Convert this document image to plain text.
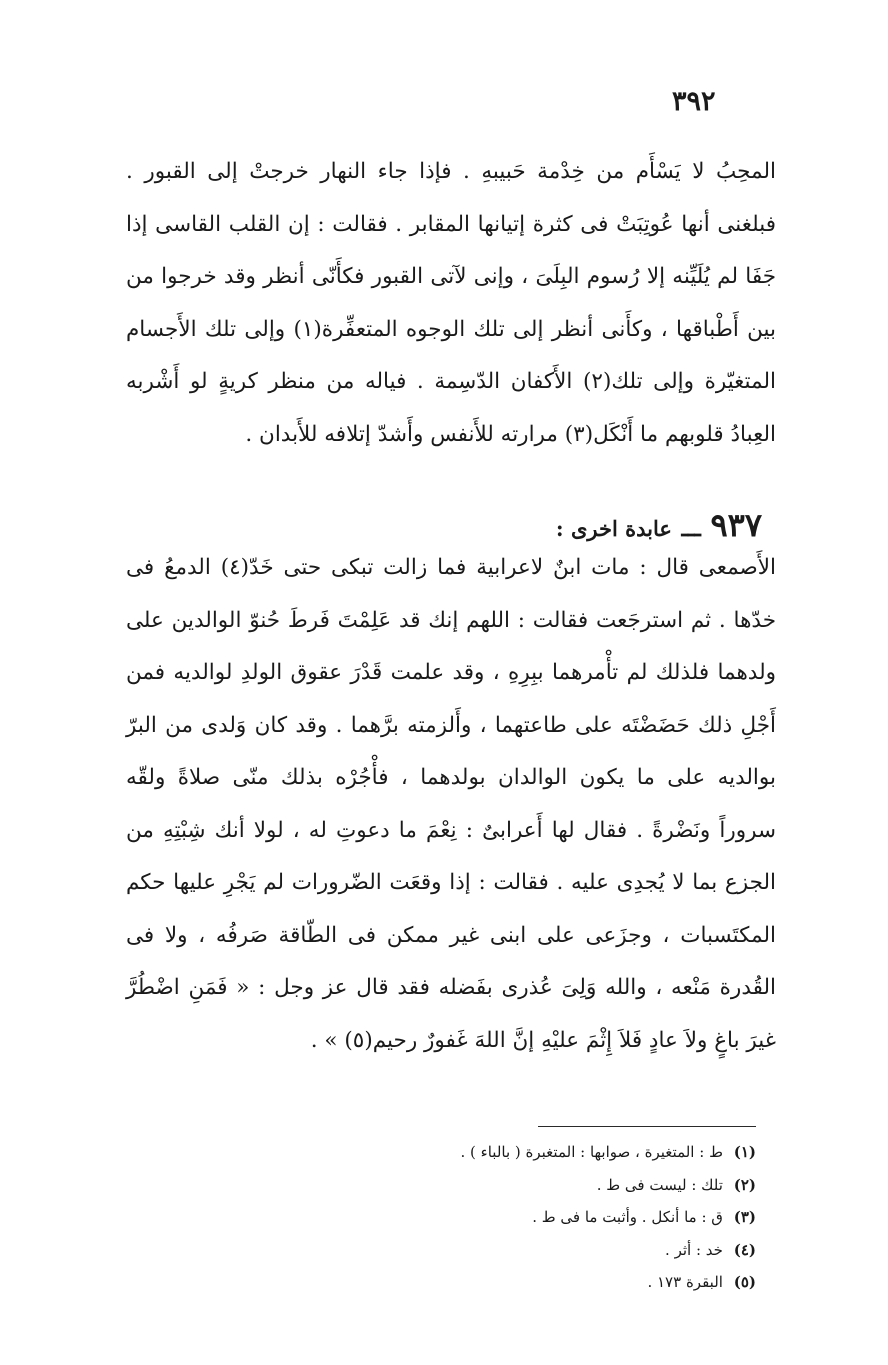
٣٩٢

المحِبُ لا يَسْأَم من خِدْمة حَبيبهِ . فإذا جاء النهار خرجتْ إلى القبور . فبلغنى أنها عُوتِبَتْ فى كثرة إتيانها المقابر . فقالت : إن القلب القاسى إذا جَفَا لم يُلَيِّنه إلا رُسوم البِلَىَ ، وإنى لآتى القبور فكأَنّى أنظر وقد خرجوا من بين أَطْباقها ، وكأَنى أنظر إلى تلك الوجوه المتعفِّرة(١) وإلى تلك الأَجسام المتغيّرة وإلى تلك(٢) الأَكفان الدّسِمة . فياله من منظر كريةٍ لو أَشْربه العِبادُ قلوبهم ما أَنْكَل(٣) مرارته للأَنفس وأَشدّ إتلافه للأَبدان .

٩٣٧ ـــ عابدة اخرى :

الأَصمعى قال : مات ابنٌ لاعرابية فما زالت تبكى حتى خَدّ(٤) الدمعُ فى خدّها . ثم استرجَعت فقالت : اللهم إنك قد عَلِمْتَ فَرطَ حُنوّ الوالدين على ولدهما فلذلك لم تأْمرهما ببِرِهِ ، وقد علمت قَدْرَ عقوق الولدِ لوالديه فمن أَجْلِ ذلك حَضَضْتَه على طاعتهما ، وأَلزمته برَّهما . وقد كان وَلدى من البرّ بوالديه على ما يكون الوالدان بولدهما ، فأْجُرْه بذلك منّى صلاةً ولقّه سروراً ونَضْرةً . فقال لها أَعرابىٌ : نِعْمَ ما دعوتِ له ، لولا أنك شِبْتِهِ من الجزع بما لا يُجدِى عليه . فقالت : إذا وقعَت الضّرورات لم يَجْرِ عليها حكم المكتَسبات ، وجزَعى على ابنى غير ممكن فى الطّاقة صَرفُه ، ولا فى القُدرة مَنْعه ، والله وَلِىَ عُذرى بفَضله فقد قال عز وجل : « فَمَنِ اضْطُرَّ غيرَ باغٍ ولاَ عادٍ فَلاَ إِثْمَ عليْهِ إنَّ اللهَ غَفورٌ رحيم(٥) » .

(١) ط : المتغيرة ، صوابها : المتغبرة ( بالباء ) .
(٢) تلك : ليست فى ط .
(٣) ق : ما أنكل . وأثبت ما فى ط .
(٤) خد : أثر .
(٥) البقرة ١٧٣ .
